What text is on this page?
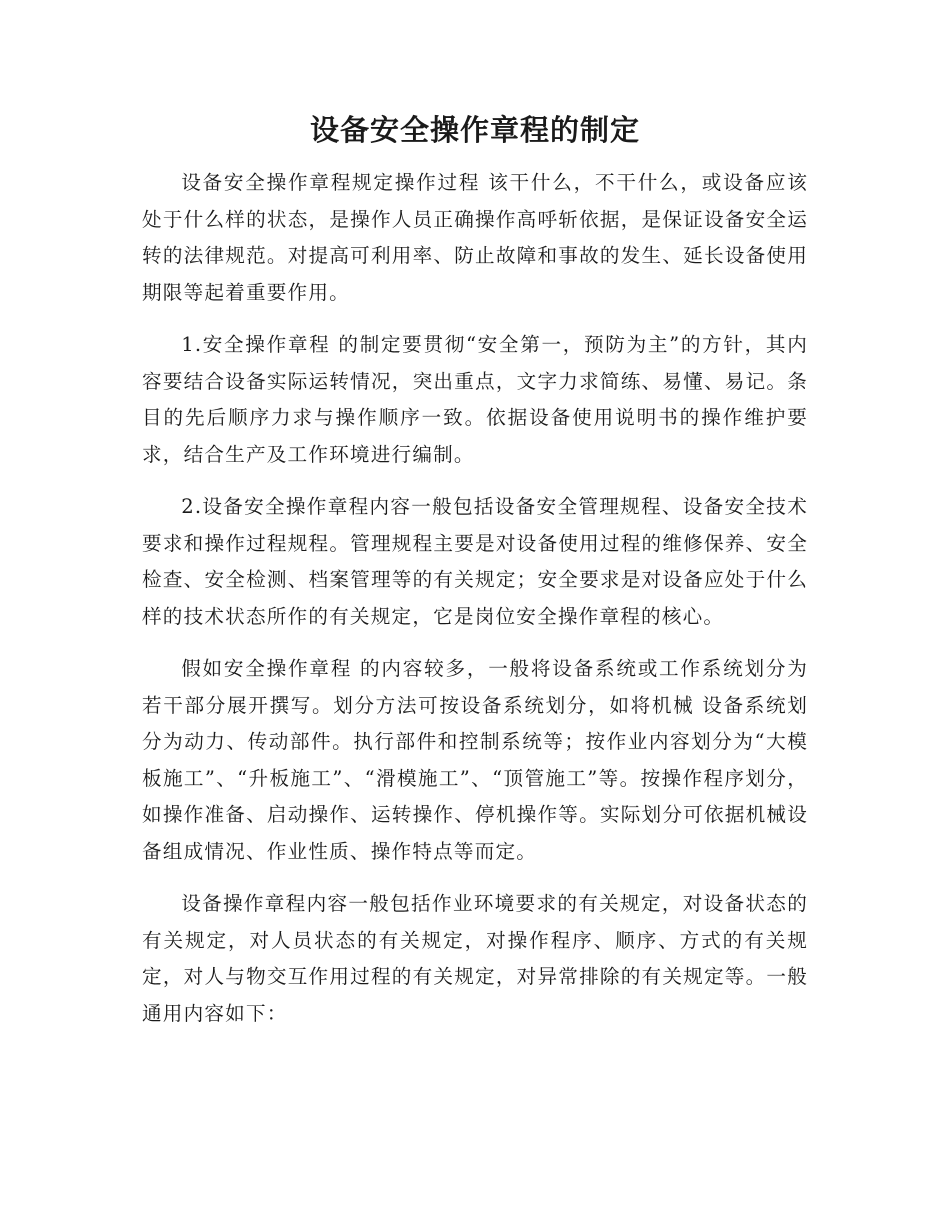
设备安全操作章程的制定

设备安全操作章程规定操作过程 该干什么，不干什么，或设备应该处于什么样的状态，是操作人员正确操作高呼斩依据，是保证设备安全运转的法律规范。对提高可利用率、防止故障和事故的发生、延长设备使用期限等起着重要作用。

1.安全操作章程 的制定要贯彻“安全第一，预防为主”的方针，其内容要结合设备实际运转情况，突出重点，文字力求简练、易懂、易记。条目的先后顺序力求与操作顺序一致。依据设备使用说明书的操作维护要求，结合生产及工作环境进行编制。

2.设备安全操作章程内容一般包括设备安全管理规程、设备安全技术要求和操作过程规程。管理规程主要是对设备使用过程的维修保养、安全检查、安全检测、档案管理等的有关规定；安全要求是对设备应处于什么样的技术状态所作的有关规定，它是岗位安全操作章程的核心。

假如安全操作章程 的内容较多，一般将设备系统或工作系统划分为若干部分展开撰写。划分方法可按设备系统划分，如将机械 设备系统划分为动力、传动部件。执行部件和控制系统等；按作业内容划分为“大模板施工”、“升板施工”、“滑模施工”、“顶管施工”等。按操作程序划分，如操作准备、启动操作、运转操作、停机操作等。实际划分可依据机械设备组成情况、作业性质、操作特点等而定。

设备操作章程内容一般包括作业环境要求的有关规定，对设备状态的有关规定，对人员状态的有关规定，对操作程序、顺序、方式的有关规定，对人与物交互作用过程的有关规定，对异常排除的有关规定等。一般通用内容如下：
